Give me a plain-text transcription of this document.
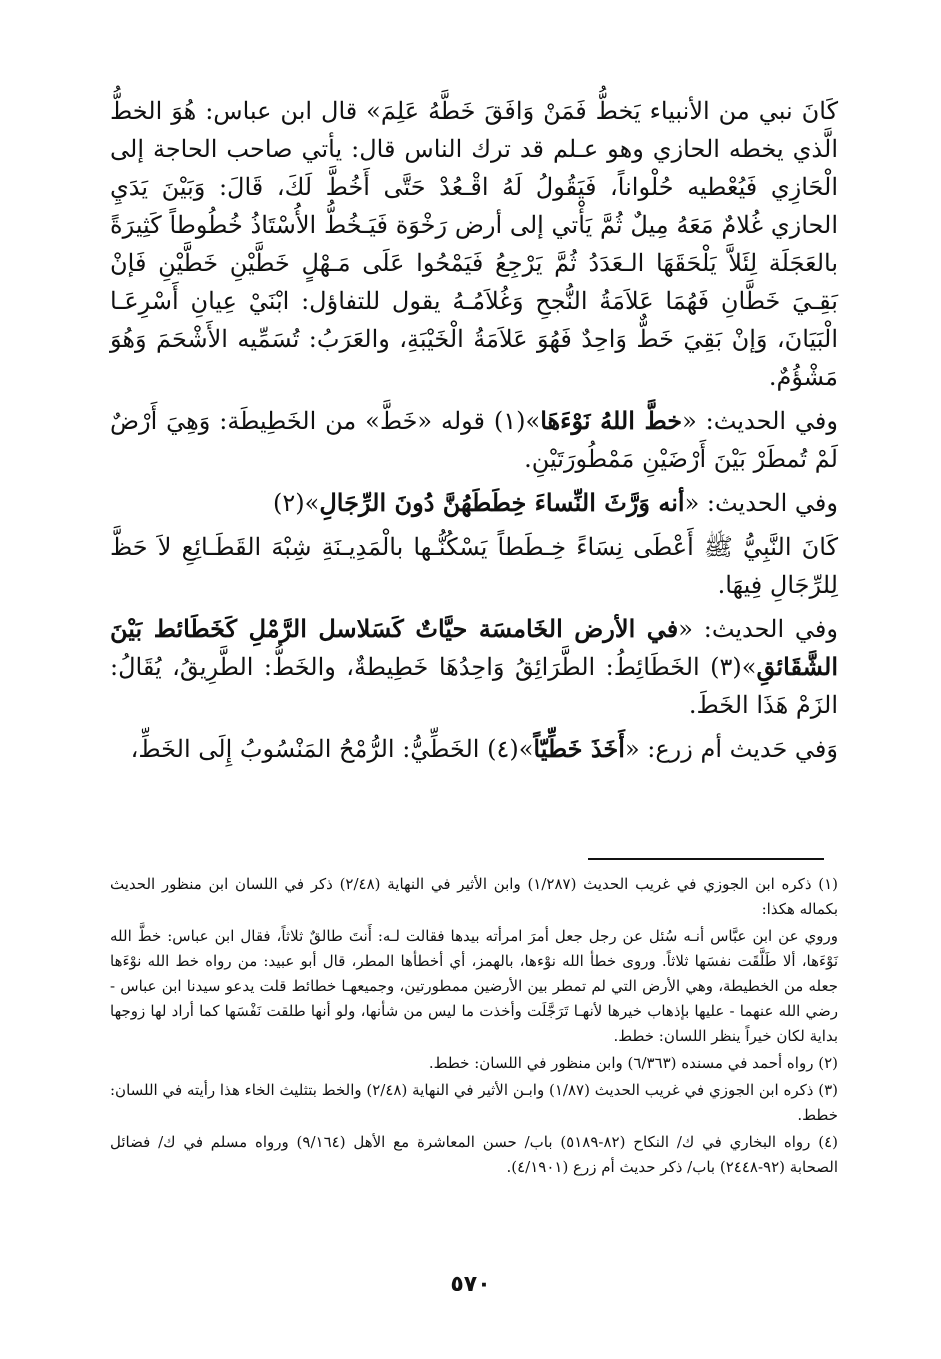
كَانَ نبي من الأنبياء يَخطُّ فَمَنْ وَافَقَ خَطَّهُ عَلِمَ» قال ابن عباس: هُوَ الخطُّ الَّذي يخطه الحازي وهو عـلم قد ترك الناس قال: يأتي صاحب الحاجة إلى الْحَازِي فَيُعْطيه حُلْواناً، فَيَقُولُ لَهُ اقْـعُدْ حَتَّى أَخُطَّ لَكَ، قَالَ: وَبَيْنَ يَدَيِ الحازي غُلامٌ مَعَهُ مِيلٌ ثُمَّ يَأْتي إلى أرض رَخْوَة فَيَـخُطُّ الأُسْتَاذُ خُطُوطاً كَثِيرَةً بالعَجَلَة لِئَلاَّ يَلْحَقَهَا الـعَدَدُ ثُمَّ يَرْجِعُ فَيَمْحُوا عَلَى مَـهْلٍ خَطَّيْنِ خَطَّيْنِ فَإنْ بَقِـيَ خَطَّانِ فَهُمَا عَلاَمَةُ النُّجحِ وَغُلاَمُـهُ يقول للتفاؤل: ابْنَيْ عِيانِ أَسْرِعَـا الْبَيَانَ، وَإنْ بَقِيَ خَطٌّ وَاحِدٌ فَهُوَ عَلاَمَةُ الْخَيْبَةِ، والعَرَبُ: تُسَمِّيه الأَشْحَمَ وَهُوَ مَشْؤُمٌ.

وفي الحديث: «خطَّ اللهُ نَوْءَهَا»(١) قوله «خَطَّ» من الخَطِيطَة: وَهِيَ أَرْضٌ لَمْ تُمطَرْ بَيْنَ أَرْضَيْنِ مَمْطُورَتَيْنِ.

وفي الحديث: «أنه وَرَّثَ النِّساءَ خِطَطَهُنَّ دُونَ الرِّجَالِ»(٢)

كَانَ النَّبِيُّ ﷺ أَعْطَى نِسَاءً خِـطَطاً يَسْكُنُّـها بالْمَدِيـنَةِ شِبْهَ القَطَـائِعِ لاَ حَظَّ لِلرِّجَالِ فِيهَا.

وفي الحديث: «في الأرض الخَامسَة حيَّاتٌ كَسَلاسل الرَّمْلِ كَخَطَائط بَيْنَ الشَّقَائقِ»(٣) الخَطَائِطُ: الطَّرَائِقُ وَاحِدُهَا خَطِيطةٌ، والخَطُّ: الطَّرِيقُ، يُقَالُ: الزَمْ هَذَا الخَطَ.

وَفي حَديث أم زرع: «أَخَذَ خَطِّيّاً»(٤) الخَطِّيُّ: الرُّمْحُ المَنْسُوبُ إِلَى الخَطِّ،

(١) ذكره ابن الجوزي في غريب الحديث (١/٢٨٧) وابن الأثير في النهاية (٢/٤٨) ذكر في اللسان ابن منظور الحديث بكماله هكذا:

وروي عن ابن عبَّاس أنـه سُئل عن رجل جعل أمرَ امرأته بيدها فقالت لـه: أَنتَ طالقٌ ثلاثاً، فقال ابن عباس: خطَّ الله نَوْءَها، ألا طَلَّقَت نفسَها ثلاثاً. وروى خطأ الله نوْءها، بالهمز، أي أخطأها المطر، قال أبو عبيد: من رواه خط الله نوْءَها جعله من الخطيطة، وهي الأرض التي لم تمطر بين الأرضين ممطورتين، وجميعهـا خطائط قلت يدعو سيدنا ابن عباس - رضي الله عنهما - عليها بإذهاب خيرها لأنهـا تَرَجَّلَت وأخذت ما ليس من شأنها، ولو أنها طلقت نَفْسَها كما أراد لها زوجها بداية لكان خيراً ينظر اللسان: خطط.

(٢) رواه أحمد في مسنده (٦/٣٦٣) وابن منظور في اللسان: خطط.

(٣) ذكره ابن الجوزي في غريب الحديث (١/٨٧) وابـن الأثير في النهاية (٢/٤٨) والخط بتثليث الخاء هذا رأيته في اللسان: خطط.

(٤) رواه البخاري في ك/ النكاح (٨٢-٥١٨٩) باب/ حسن المعاشرة مع الأهل (٩/١٦٤) ورواه مسلم في ك/ فضائل الصحابة (٩٢-٢٤٤٨) باب/ ذكر حديث أم زرع (٤/١٩٠١).

٥٧٠
